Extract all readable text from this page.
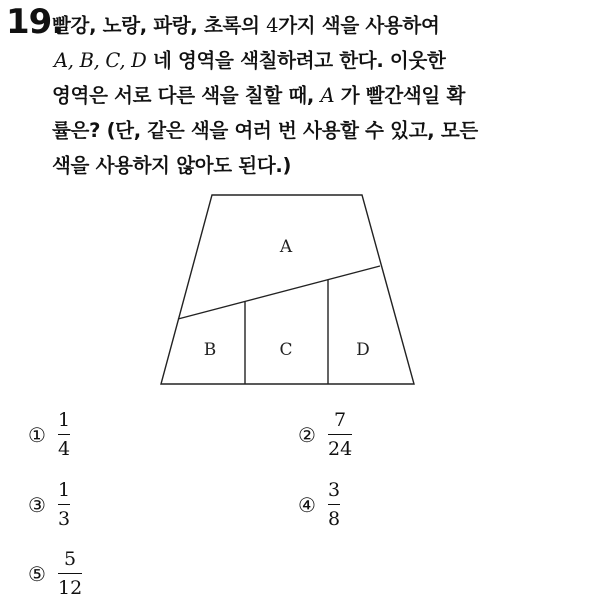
19.
빨강, 노랑, 파랑, 초록의 4가지 색을 사용하여
A, B, C, D 네 영역을 색칠하려고 한다. 이웃한
영역은 서로 다른 색을 칠할 때, A 가 빨간색일 확
률은? (단, 같은 색을 여러 번 사용할 수 있고, 모든
색을 사용하지 않아도 된다.)
A
B	C	D
① $\frac{1}{4}$	② $\frac{7}{24}$
③ $\frac{1}{3}$	④ $\frac{3}{8}$
⑤ $\frac{5}{12}$
